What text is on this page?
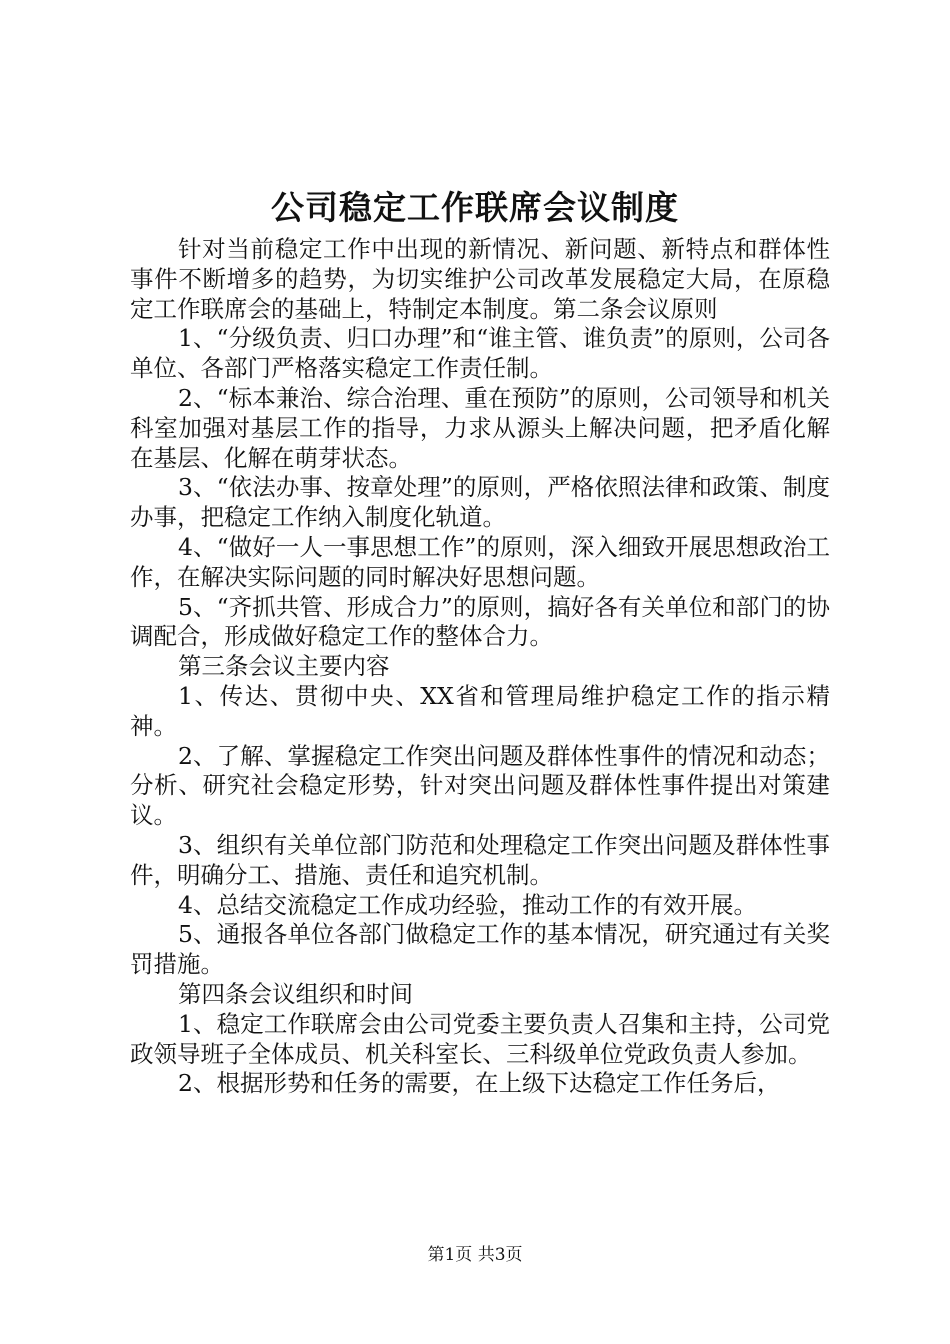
公司稳定工作联席会议制度

针对当前稳定工作中出现的新情况、新问题、新特点和群体性事件不断增多的趋势，为切实维护公司改革发展稳定大局，在原稳定工作联席会的基础上，特制定本制度。第二条会议原则

1、“分级负责、归口办理”和“谁主管、谁负责”的原则，公司各单位、各部门严格落实稳定工作责任制。

2、“标本兼治、综合治理、重在预防”的原则，公司领导和机关科室加强对基层工作的指导，力求从源头上解决问题，把矛盾化解在基层、化解在萌芽状态。

3、“依法办事、按章处理”的原则，严格依照法律和政策、制度办事，把稳定工作纳入制度化轨道。

4、“做好一人一事思想工作”的原则，深入细致开展思想政治工作，在解决实际问题的同时解决好思想问题。

5、“齐抓共管、形成合力”的原则，搞好各有关单位和部门的协调配合，形成做好稳定工作的整体合力。

第三条会议主要内容

1、传达、贯彻中央、XX省和管理局维护稳定工作的指示精神。

2、了解、掌握稳定工作突出问题及群体性事件的情况和动态；分析、研究社会稳定形势，针对突出问题及群体性事件提出对策建议。

3、组织有关单位部门防范和处理稳定工作突出问题及群体性事件，明确分工、措施、责任和追究机制。

4、总结交流稳定工作成功经验，推动工作的有效开展。

5、通报各单位各部门做稳定工作的基本情况，研究通过有关奖罚措施。

第四条会议组织和时间

1、稳定工作联席会由公司党委主要负责人召集和主持，公司党政领导班子全体成员、机关科室长、三科级单位党政负责人参加。

2、根据形势和任务的需要，在上级下达稳定工作任务后，

第1页 共3页
